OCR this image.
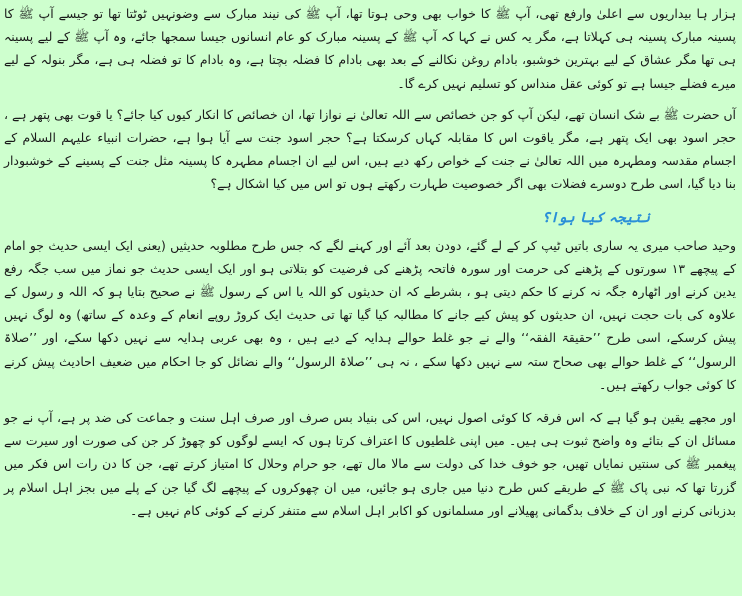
ہزار ہا بیداریوں سے اعلیٰ وارفع تھی، آپ ﷺ کا خواب بھی وحی ہوتا تھا، آپ ﷺ کی نیند مبارک سے وضونہیں ٹوٹتا تھا تو جیسے آپ ﷺ کا پسینہ مبارک پسینہ ہی کہلاتا ہے، مگر یہ کس نے کہا کہ آپ ﷺ کے پسینہ مبارک کو عام انسانوں جیسا سمجھا جائے، وہ آپ ﷺ کے لیے پسینہ ہی تھا مگر عشاق کے لیے بہترین خوشبو، بادام روغن نکالنے کے بعد بھی بادام کا فضلہ بچتا ہے، وہ بادام کا تو فضلہ ہی ہے، مگر بنولہ کے لیے میرے فضلے جیسا ہے تو کوئی عقل منداس کو تسلیم نہیں کرے گا۔

آں حضرت ﷺ بے شک انسان تھے، لیکن آپ کو جن خصائص سے اللہ تعالیٰ نے نوازا تھا، ان خصائص کا انکار کیوں کیا جائے؟ یا قوت بھی پتھر ہے ، حجر اسود بھی ایک پتھر ہے، مگر یاقوت اس کا مقابلہ کہاں کرسکتا ہے؟ حجر اسود جنت سے آیا ہوا ہے، حضرات انبیاء علیہم السلام کے اجسام مقدسہ ومطہرہ میں اللہ تعالیٰ نے جنت کے خواص رکھ دیے ہیں، اس لیے ان اجسام مطہرہ کا پسینہ مثل جنت کے پسینے کے خوشبودار بنا دیا گیا، اسی طرح دوسرے فضلات بھی اگر خصوصیت طہارت رکھتے ہوں تو اس میں کیا اشکال ہے؟

نتیجہ کیا ہوا؟

وحید صاحب میری یہ ساری باتیں ٹیپ کر کے لے گئے، دودن بعد آئے اور کہنے لگے کہ جس طرح مطلوبہ حدیثیں (یعنی ایک ایسی حدیث جو امام کے پیچھے ۱۳ سورتوں کے پڑھنے کی حرمت اور سورہ فاتحہ پڑھنے کی فرضیت کو بتلاتی ہو اور ایک ایسی حدیث جو نماز میں سب جگہ رفع یدین کرنے اور اٹھارہ جگہ نہ کرنے کا حکم دیتی ہو ، بشرطے کہ ان حدیثوں کو اللہ یا اس کے رسول ﷺ نے صحیح بتایا ہو کہ اللہ و رسول کے علاوہ کی بات حجت نہیں، ان حدیثوں کو پیش کیے جانے کا مطالبہ کیا گیا تھا تی حدیث ایک کروڑ روپے انعام کے وعدہ کے ساتھ) وہ لوگ نہیں پیش کرسکے، اسی طرح ’’حقیقۃ الفقہ‘‘ والے نے جو غلط حوالے ہدایہ کے دیے ہیں ، وہ بھی عربی ہدایہ سے نہیں دکھا سکے، اور ’’صلاۃ الرسول‘‘ کے غلط حوالے بھی صحاح ستہ سے نہیں دکھا سکے ، نہ ہی ’’صلاۃ الرسول‘‘ والے نضائل کو جا احکام میں ضعیف احادیث پیش کرنے کا کوئی جواب رکھتے ہیں۔

اور مجھے یقین ہو گیا ہے کہ اس فرقہ کا کوئی اصول نہیں، اس کی بنیاد بس صرف اور صرف اہل سنت و جماعت کی ضد پر ہے، آپ نے جو مسائل ان کے بتائے وہ واضح ثبوت ہی ہیں۔ میں اپنی غلطیوں کا اعتراف کرتا ہوں کہ ایسے لوگوں کو چھوڑ کر جن کی صورت اور سیرت سے پیغمبر ﷺ کی سنتیں نمایاں تھیں، جو خوف خدا کی دولت سے مالا مال تھے، جو حرام وحلال کا امتیاز کرتے تھے، جن کا دن رات اس فکر میں گزرتا تھا کہ نبی پاک ﷺ کے طریقے کس طرح دنیا میں جاری ہو جائیں، میں ان چھوکروں کے پیچھے لگ گیا جن کے پلے میں بجز اہل اسلام پر بدزبانی کرنے اور ان کے خلاف بدگمانی پھیلانے اور مسلمانوں کو اکابر اہل اسلام سے متنفر کرنے کے کوئی کام نہیں ہے۔
